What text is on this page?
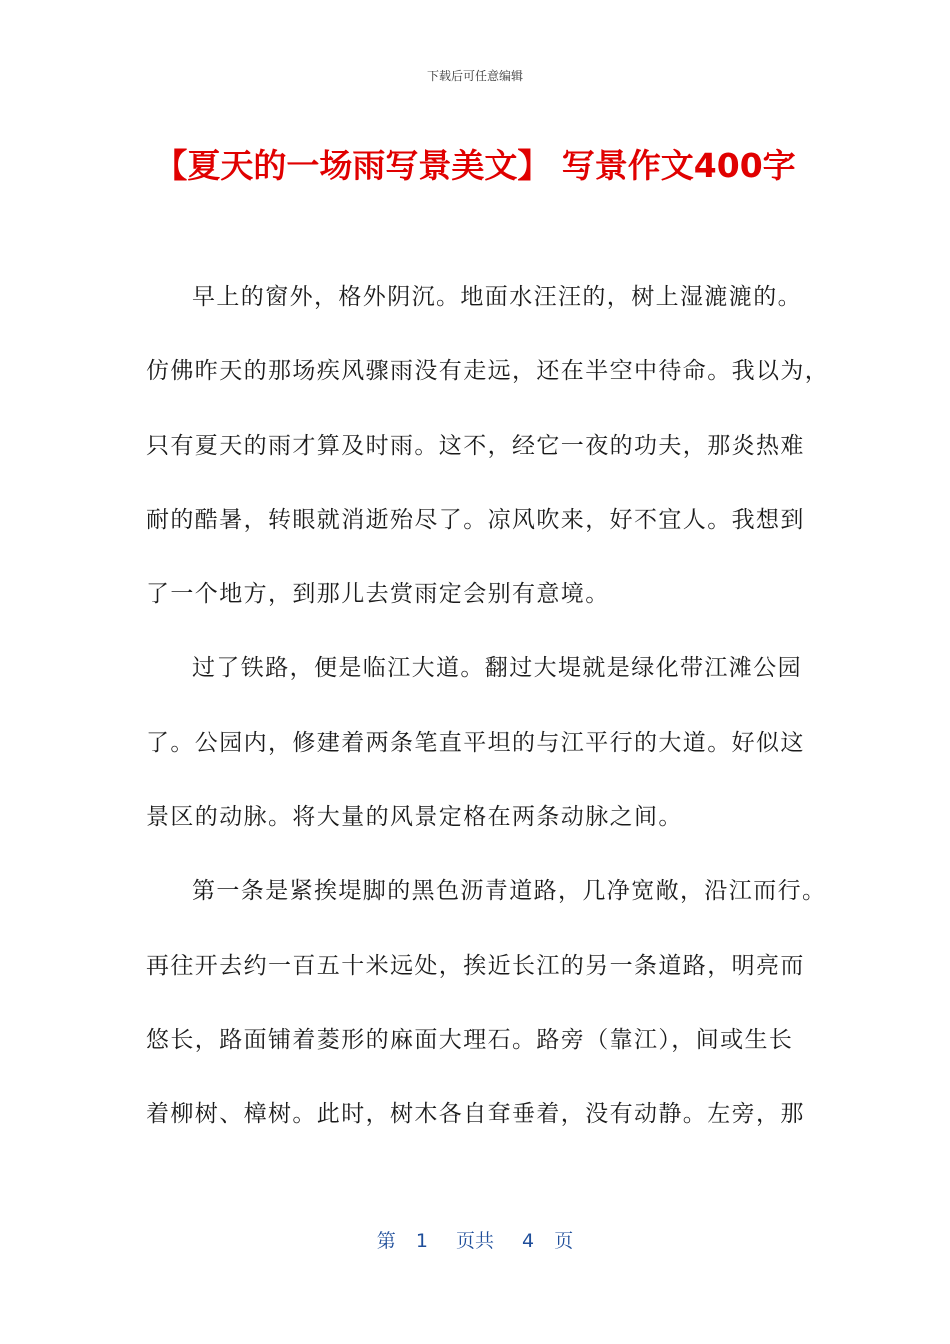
下载后可任意编辑
【夏天的一场雨写景美文】 写景作文400字
早上的窗外，格外阴沉。地面水汪汪的，树上湿漉漉的。
仿佛昨天的那场疾风骤雨没有走远，还在半空中待命。我以为，
只有夏天的雨才算及时雨。这不，经它一夜的功夫，那炎热难
耐的酷暑，转眼就消逝殆尽了。凉风吹来，好不宜人。我想到
了一个地方，到那儿去赏雨定会别有意境。
过了铁路，便是临江大道。翻过大堤就是绿化带江滩公园
了。公园内，修建着两条笔直平坦的与江平行的大道。好似这
景区的动脉。将大量的风景定格在两条动脉之间。
第一条是紧挨堤脚的黑色沥青道路，几净宽敞，沿江而行。
再往开去约一百五十米远处，挨近长江的另一条道路，明亮而
悠长，路面铺着菱形的麻面大理石。路旁（靠江），间或生长
着柳树、樟树。此时，树木各自耷垂着，没有动静。左旁，那
第 1 页共 4 页
